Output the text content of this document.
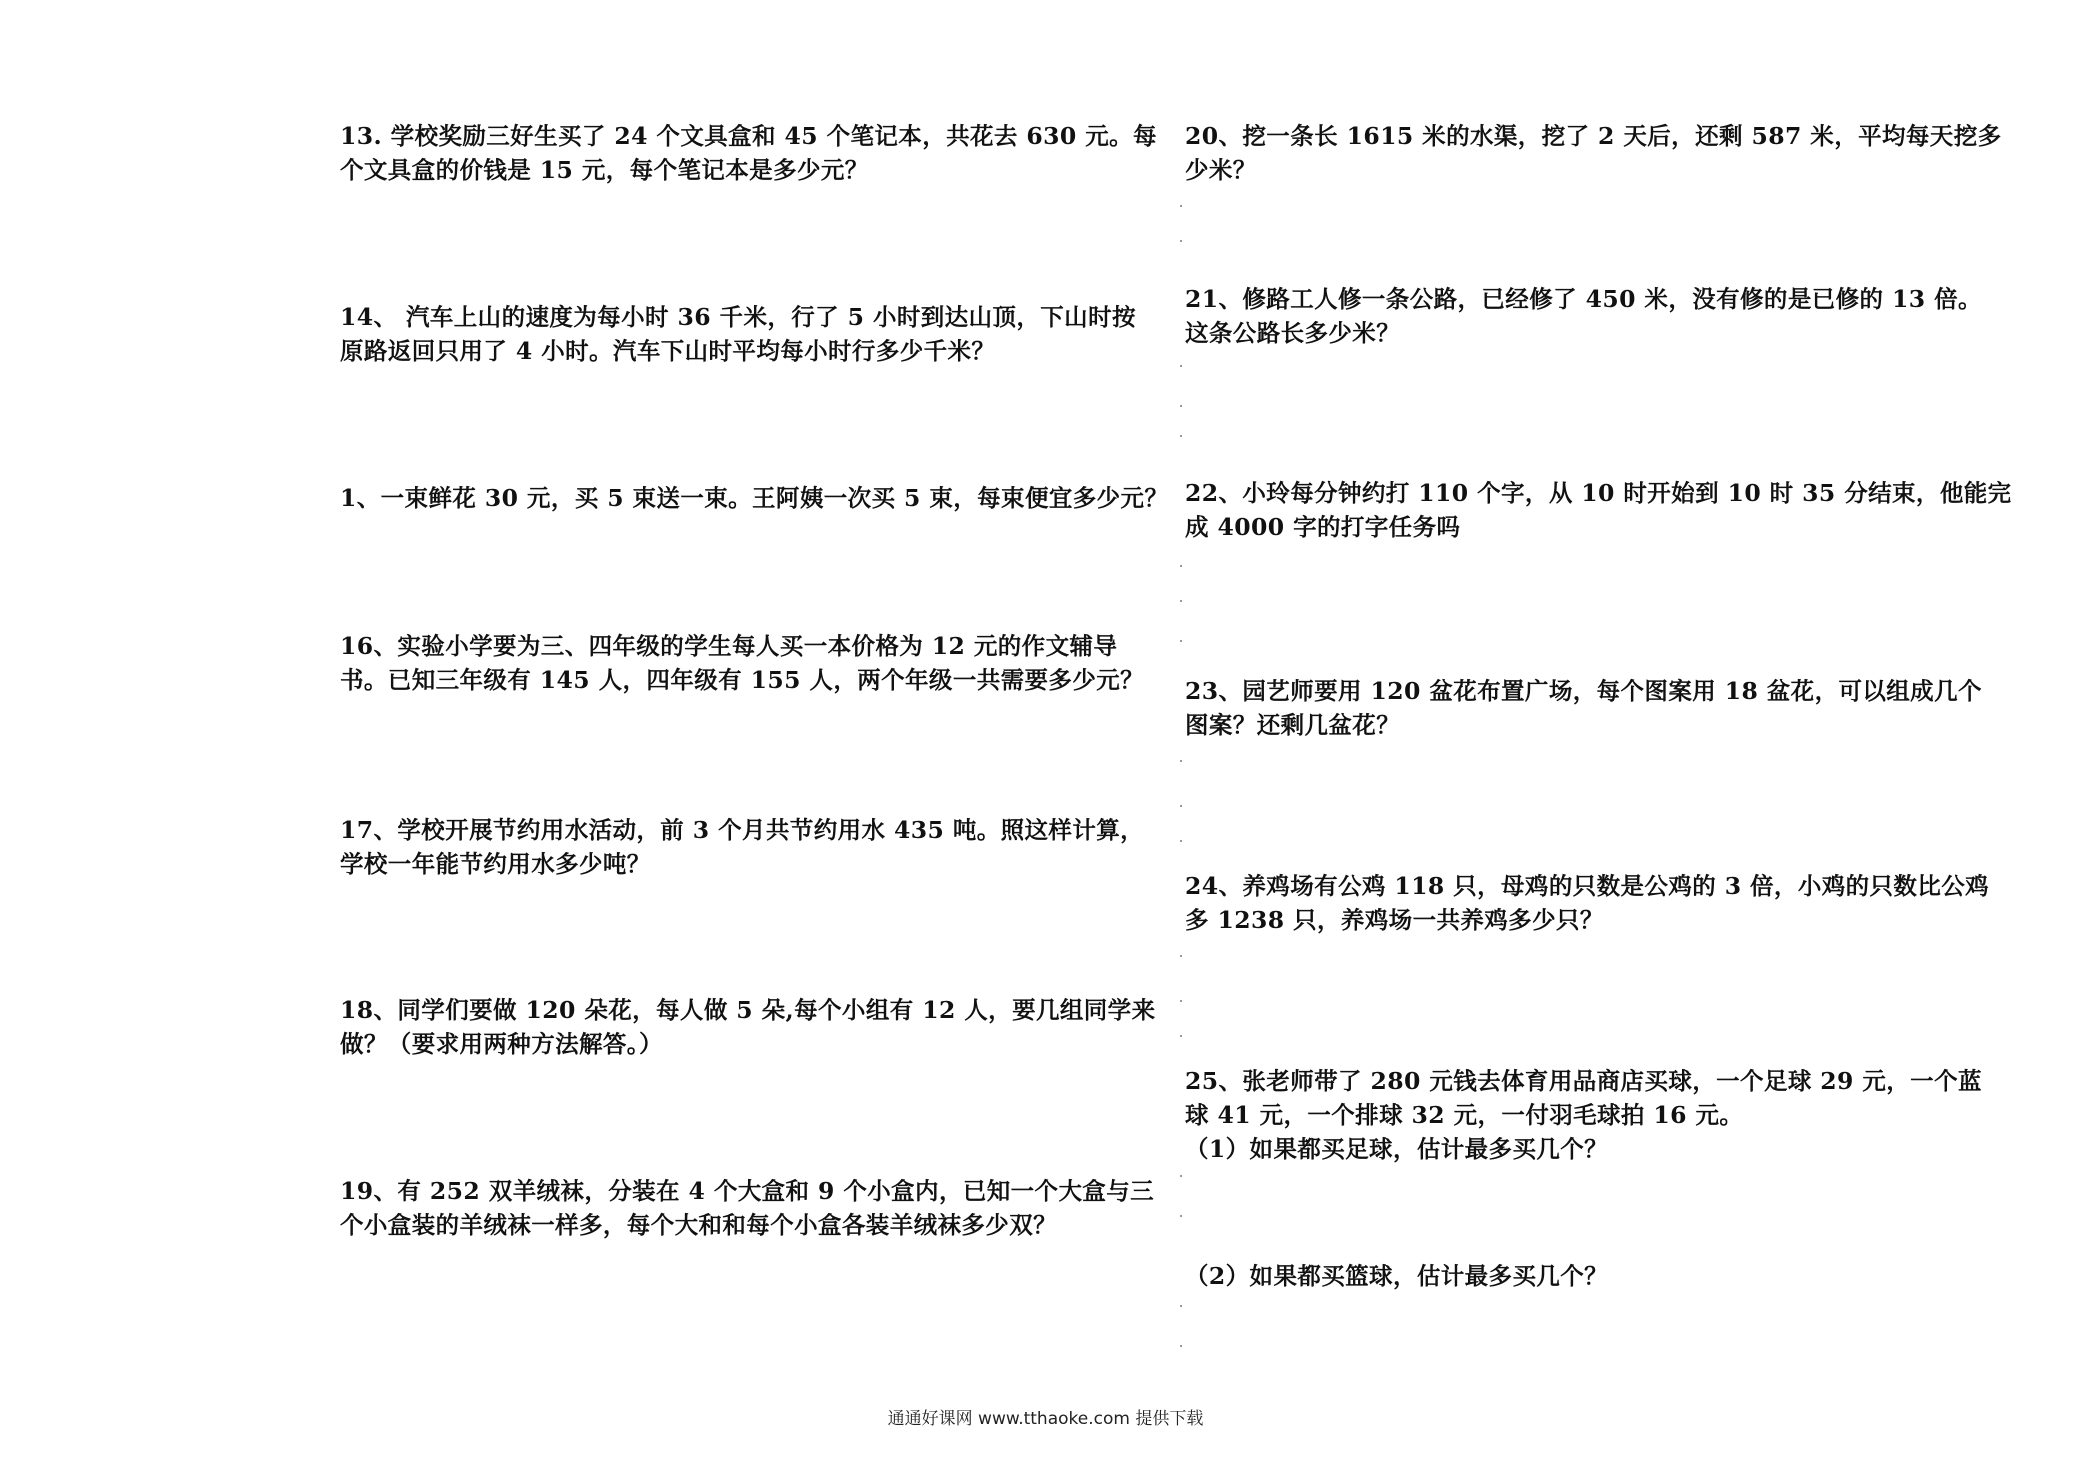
13. 学校奖励三好生买了 24 个文具盒和 45 个笔记本，共花去 630 元。每
个文具盒的价钱是 15 元，每个笔记本是多少元？
14、 汽车上山的速度为每小时 36 千米，行了 5 小时到达山顶，下山时按
原路返回只用了 4 小时。汽车下山时平均每小时行多少千米？
1、一束鲜花 30 元，买 5 束送一束。王阿姨一次买 5 束，每束便宜多少元？
16、实验小学要为三、四年级的学生每人买一本价格为 12 元的作文辅导
书。已知三年级有 145 人，四年级有 155 人，两个年级一共需要多少元？
17、学校开展节约用水活动，前 3 个月共节约用水 435 吨。照这样计算，
学校一年能节约用水多少吨？
18、同学们要做 120 朵花，每人做 5 朵,每个小组有 12 人，要几组同学来
做？（要求用两种方法解答。）
19、有 252 双羊绒袜，分装在 4 个大盒和 9 个小盒内，已知一个大盒与三
个小盒装的羊绒袜一样多，每个大和和每个小盒各装羊绒袜多少双？
20、挖一条长 1615 米的水渠，挖了 2 天后，还剩 587 米，平均每天挖多
少米？
21、修路工人修一条公路，已经修了 450 米，没有修的是已修的 13 倍。
这条公路长多少米？
22、小玲每分钟约打 110 个字，从 10 时开始到 10 时 35 分结束，他能完
成 4000 字的打字任务吗
23、园艺师要用 120 盆花布置广场，每个图案用 18 盆花，可以组成几个
图案？还剩几盆花？
24、养鸡场有公鸡 118 只，母鸡的只数是公鸡的 3 倍，小鸡的只数比公鸡
多 1238 只，养鸡场一共养鸡多少只？
25、张老师带了 280 元钱去体育用品商店买球，一个足球 29 元，一个蓝
球 41 元，一个排球 32 元，一付羽毛球拍 16 元。
（1）如果都买足球，估计最多买几个？
（2）如果都买篮球，估计最多买几个？
通通好课网 www.tthaoke.com 提供下载
